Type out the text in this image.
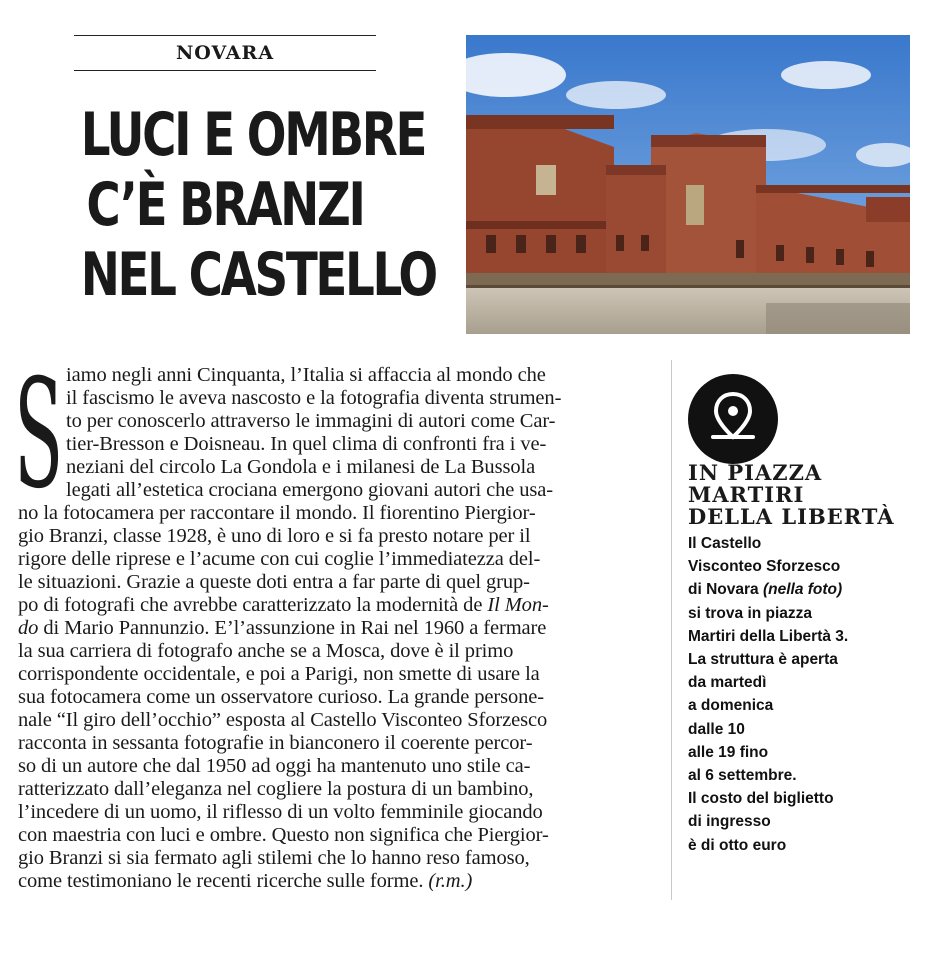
NOVARA
LUCI E OMBRE
C’È BRANZI
NEL CASTELLO
S iamo negli anni Cinquanta, l’Italia si affaccia al mondo che
il fascismo le aveva nascosto e la fotografia diventa strumen-
to per conoscerlo attraverso le immagini di autori come Car-
tier-Bresson e Doisneau. In quel clima di confronti fra i ve-
neziani del circolo La Gondola e i milanesi de La Bussola
legati all’estetica crociana emergono giovani autori che usa-
no la fotocamera per raccontare il mondo. Il fiorentino Piergior-
gio Branzi, classe 1928, è uno di loro e si fa presto notare per il
rigore delle riprese e l’acume con cui coglie l’immediatezza del-
le situazioni. Grazie a queste doti entra a far parte di quel grup-
po di fotografi che avrebbe caratterizzato la modernità de Il Mon-
do di Mario Pannunzio. E’l’assunzione in Rai nel 1960 a fermare
la sua carriera di fotografo anche se a Mosca, dove è il primo
corrispondente occidentale, e poi a Parigi, non smette di usare la
sua fotocamera come un osservatore curioso. La grande persone-
nale “Il giro dell’occhio” esposta al Castello Visconteo Sforzesco
racconta in sessanta fotografie in bianconero il coerente percor-
so di un autore che dal 1950 ad oggi ha mantenuto uno stile ca-
ratterizzato dall’eleganza nel cogliere la postura di un bambino,
l’incedere di un uomo, il riflesso di un volto femminile giocando
con maestria con luci e ombre. Questo non significa che Piergior-
gio Branzi si sia fermato agli stilemi che lo hanno reso famoso,
come testimoniano le recenti ricerche sulle forme. (r.m.)
IN PIAZZA
MARTIRI
DELLA LIBERTÀ
Il Castello
Visconteo Sforzesco
di Novara (nella foto)
si trova in piazza
Martiri della Libertà 3.
La struttura è aperta
da martedì
a domenica
dalle 10
alle 19 fino
al 6 settembre.
Il costo del biglietto
di ingresso
è di otto euro
